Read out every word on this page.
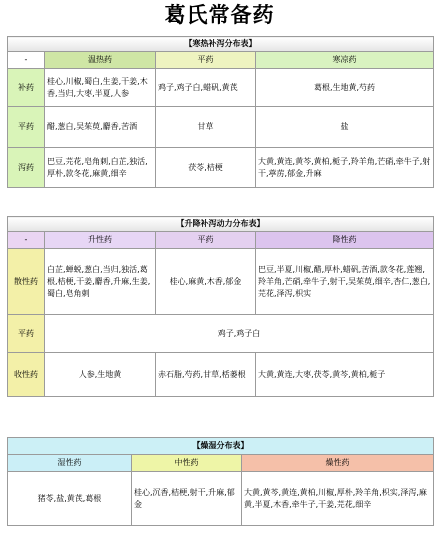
葛氏常备药
【寒热补泻分布表】			
-	温热药	平药	寒凉药
补药	桂心,川椒,蜀白,生姜,干姜,木香,当归,大枣,半夏,人参	鸡子,鸡子白,蜡矾,黄芪	葛根,生地黄,芍药
平药	醋,葱白,吴茱萸,麝香,苦酒	甘草	盐
泻药	巴豆,芫花,皂角刺,白芷,独活,厚朴,款冬花,麻黄,细辛	茯苓,桔梗	大黄,黄连,黄芩,黄柏,栀子,羚羊角,芒硝,牵牛子,射干,葶苈,郁金,升麻
【升降补泻动力分布表】			
-	升性药	平药	降性药
散性药	白芷,蝉蜕,葱白,当归,独活,葛根,桔梗,干姜,麝香,升麻,生姜,蜀白,皂角刺	桂心,麻黄,木香,郁金	巴豆,半夏,川椒,醋,厚朴,蜡矾,苦酒,款冬花,莲翘,羚羊角,芒硝,牵牛子,射干,吴茱萸,细辛,杏仁,葱白,芫花,泽泻,枳实
平药	鸡子,鸡子白		
收性药	人参,生地黄	赤石脂,芍药,甘草,栝蒌根	大黄,黄连,大枣,茯苓,黄芩,黄柏,栀子
【燥湿分布表】		
湿性药	中性药	燥性药
猪苓,盐,黄芪,葛根	桂心,沉香,桔梗,射干,升麻,郁金	大黄,黄芩,黄连,黄柏,川椒,厚朴,羚羊角,枳实,泽泻,麻黄,半夏,木香,牵牛子,干姜,芫花,细辛
